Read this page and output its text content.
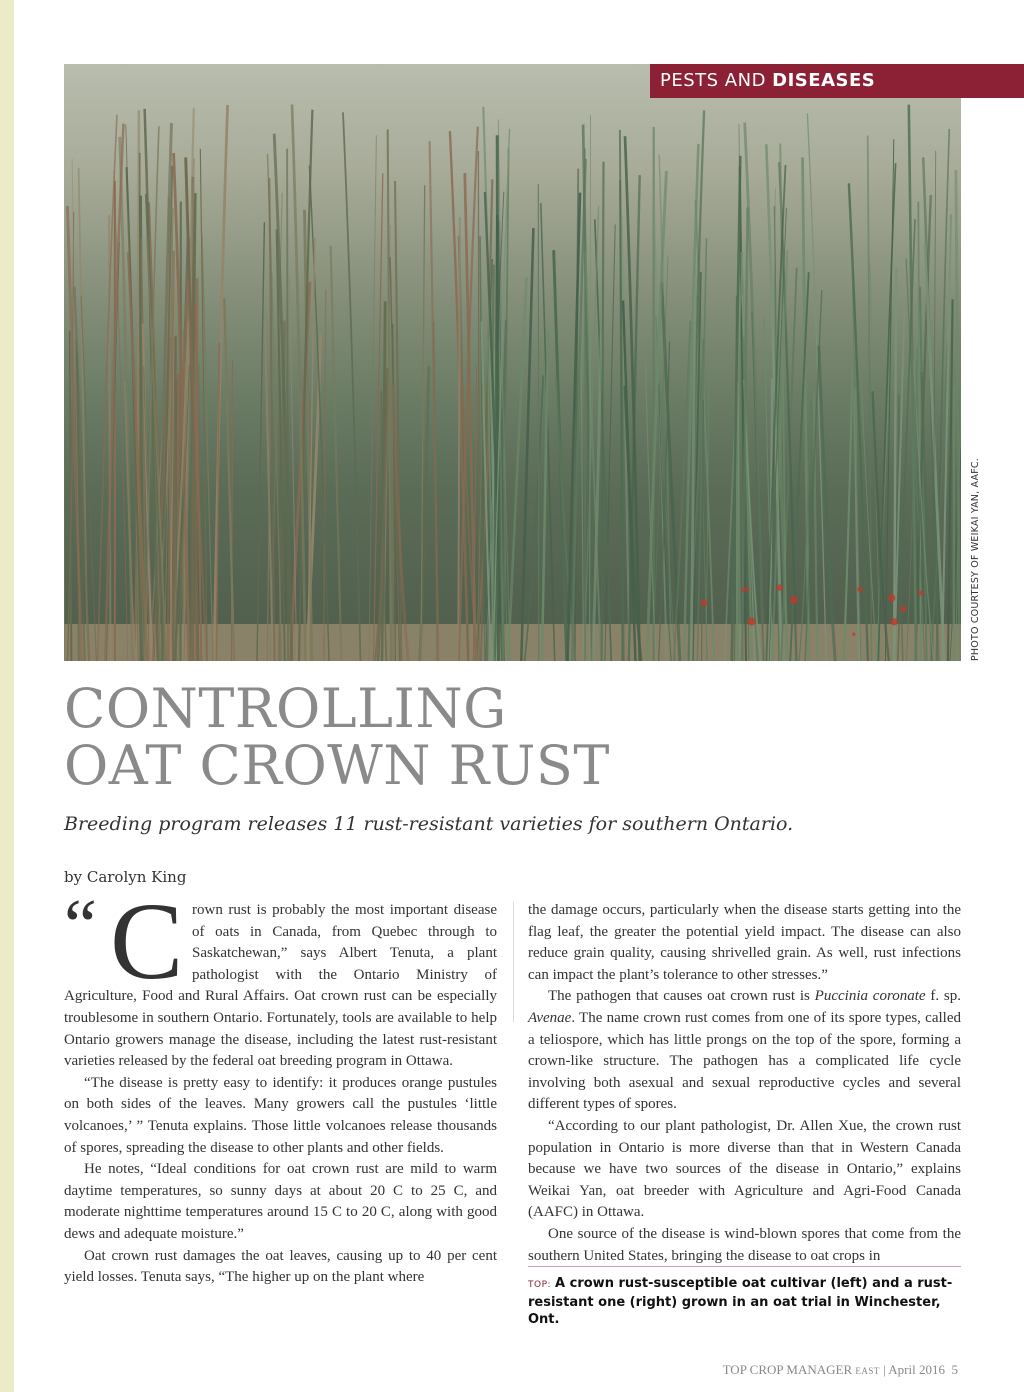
PESTS AND DISEASES
PHOTO COURTESY OF WEIKAI YAN, AAFC.
CONTROLLING
OAT CROWN RUST
Breeding program releases 11 rust-resistant varieties for southern Ontario.
by Carolyn King

“ C rown rust is probably the most important disease of oats in Canada, from Quebec through to Saskatchewan,” says Albert Tenuta, a plant pathologist with the Ontario Ministry of Agriculture, Food and Rural Affairs. Oat crown rust can be especially troublesome in southern Ontario. Fortunately, tools are available to help Ontario growers manage the disease, including the latest rust-resistant varieties released by the federal oat breeding program in Ottawa.

“The disease is pretty easy to identify: it produces orange pustules on both sides of the leaves. Many growers call the pustules ‘little volcanoes,’ ” Tenuta explains. Those little volcanoes release thousands of spores, spreading the disease to other plants and other fields.

He notes, “Ideal conditions for oat crown rust are mild to warm daytime temperatures, so sunny days at about 20 C to 25 C, and moderate nighttime temperatures around 15 C to 20 C, along with good dews and adequate moisture.”

Oat crown rust damages the oat leaves, causing up to 40 per cent yield losses. Tenuta says, “The higher up on the plant where

the damage occurs, particularly when the disease starts getting into the flag leaf, the greater the potential yield impact. The disease can also reduce grain quality, causing shrivelled grain. As well, rust infections can impact the plant’s tolerance to other stresses.”

The pathogen that causes oat crown rust is Puccinia coronate f. sp. Avenae. The name crown rust comes from one of its spore types, called a teliospore, which has little prongs on the top of the spore, forming a crown-like structure. The pathogen has a complicated life cycle involving both asexual and sexual reproductive cycles and several different types of spores.

“According to our plant pathologist, Dr. Allen Xue, the crown rust population in Ontario is more diverse than that in Western Canada because we have two sources of the disease in Ontario,” explains Weikai Yan, oat breeder with Agriculture and Agri-Food Canada (AAFC) in Ottawa.

One source of the disease is wind-blown spores that come from the southern United States, bringing the disease to oat crops in

TOP: A crown rust-susceptible oat cultivar (left) and a rust-resistant one (right) grown in an oat trial in Winchester, Ont.
TOP CROP MANAGER EAST | April 2016 5
